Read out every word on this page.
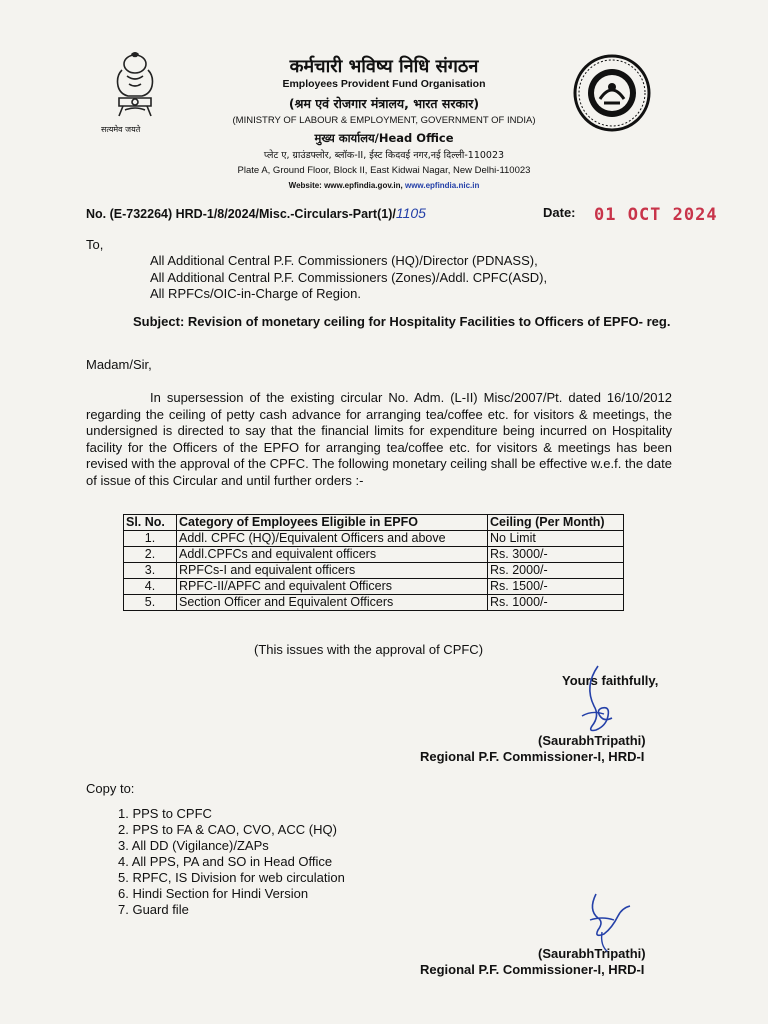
सत्यमेव जयते
कर्मचारी भविष्य निधि संगठन
Employees Provident Fund Organisation
(श्रम एवं रोजगार मंत्रालय, भारत सरकार)
(MINISTRY OF LABOUR & EMPLOYMENT, GOVERNMENT OF INDIA)
मुख्य कार्यालय/Head Office
प्लेट ए, ग्राउंडफ्लोर, ब्लॉक-II, ईस्ट किदवई नगर,नई दिल्ली-110023
Plate A, Ground Floor, Block II, East Kidwai Nagar, New Delhi-110023
Website: www.epfindia.gov.in, www.epfindia.nic.in
No. (E-732264) HRD-1/8/2024/Misc.-Circulars-Part(1)/1105	Date: 01 OCT 2024
To,
All Additional Central P.F. Commissioners (HQ)/Director (PDNASS),
All Additional Central P.F. Commissioners (Zones)/Addl. CPFC(ASD),
All RPFCs/OIC-in-Charge of Region.
Subject: Revision of monetary ceiling for Hospitality Facilities to Officers of EPFO- reg.
Madam/Sir,
In supersession of the existing circular No. Adm. (L-II) Misc/2007/Pt. dated 16/10/2012 regarding the ceiling of petty cash advance for arranging tea/coffee etc. for visitors & meetings, the undersigned is directed to say that the financial limits for expenditure being incurred on Hospitality facility for the Officers of the EPFO for arranging tea/coffee etc. for visitors & meetings has been revised with the approval of the CPFC. The following monetary ceiling shall be effective w.e.f. the date of issue of this Circular and until further orders :-
Sl. No.	Category of Employees Eligible in EPFO	Ceiling (Per Month)
1.	Addl. CPFC (HQ)/Equivalent Officers and above	No Limit
2.	Addl.CPFCs and equivalent officers	Rs. 3000/-
3.	RPFCs-I and equivalent officers	Rs. 2000/-
4.	RPFC-II/APFC and equivalent Officers	Rs. 1500/-
5.	Section Officer and Equivalent Officers	Rs. 1000/-
(This issues with the approval of CPFC)
Yours faithfully,
(SaurabhTripathi)
Regional P.F. Commissioner-I, HRD-I
Copy to:
1. PPS to CPFC
2. PPS to FA & CAO, CVO, ACC (HQ)
3. All DD (Vigilance)/ZAPs
4. All PPS, PA and SO in Head Office
5. RPFC, IS Division for web circulation
6. Hindi Section for Hindi Version
7. Guard file
(SaurabhTripathi)
Regional P.F. Commissioner-I, HRD-I
